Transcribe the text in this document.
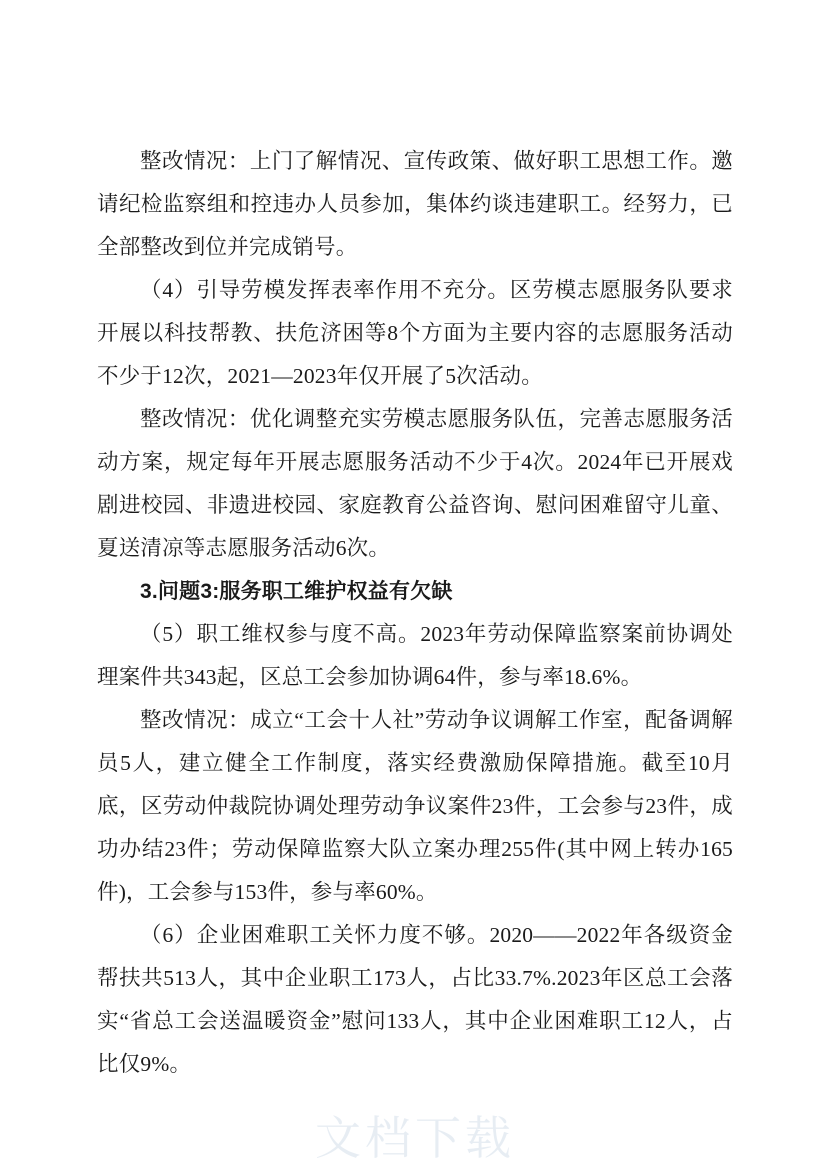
整改情况：上门了解情况、宣传政策、做好职工思想工作。邀请纪检监察组和控违办人员参加，集体约谈违建职工。经努力，已全部整改到位并完成销号。

（4）引导劳模发挥表率作用不充分。区劳模志愿服务队要求开展以科技帮教、扶危济困等8个方面为主要内容的志愿服务活动不少于12次，2021—2023年仅开展了5次活动。

整改情况：优化调整充实劳模志愿服务队伍，完善志愿服务活动方案，规定每年开展志愿服务活动不少于4次。2024年已开展戏剧进校园、非遗进校园、家庭教育公益咨询、慰问困难留守儿童、夏送清凉等志愿服务活动6次。

3.问题3:服务职工维护权益有欠缺

（5）职工维权参与度不高。2023年劳动保障监察案前协调处理案件共343起，区总工会参加协调64件，参与率18.6%。

整改情况：成立“工会十人社”劳动争议调解工作室，配备调解员5人，建立健全工作制度，落实经费激励保障措施。截至10月底，区劳动仲裁院协调处理劳动争议案件23件，工会参与23件，成功办结23件；劳动保障监察大队立案办理255件(其中网上转办165件)，工会参与153件，参与率60%。

（6）企业困难职工关怀力度不够。2020——2022年各级资金帮扶共513人，其中企业职工173人，占比33.7%.2023年区总工会落实“省总工会送温暖资金”慰问133人，其中企业困难职工12人，占比仅9%。

文档下载
